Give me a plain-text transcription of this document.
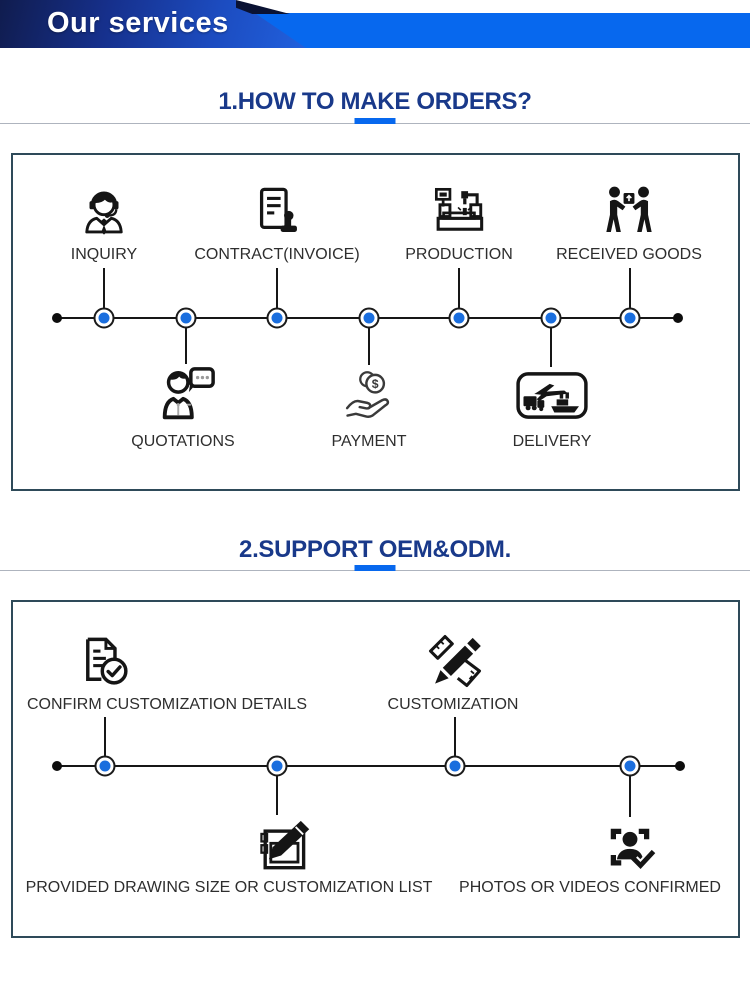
Our services
1.HOW TO MAKE ORDERS?
INQUIRY	CONTRACT(INVOICE)	PRODUCTION	RECEIVED GOODS
QUOTATIONS
$
PAYMENT	DELIVERY
2.SUPPORT OEM&ODM.
CONFIRM CUSTOMIZATION DETAILS	CUSTOMIZATION
PROVIDED DRAWING SIZE OR CUSTOMIZATION LIST PHOTOS OR VIDEOS CONFIRMED
